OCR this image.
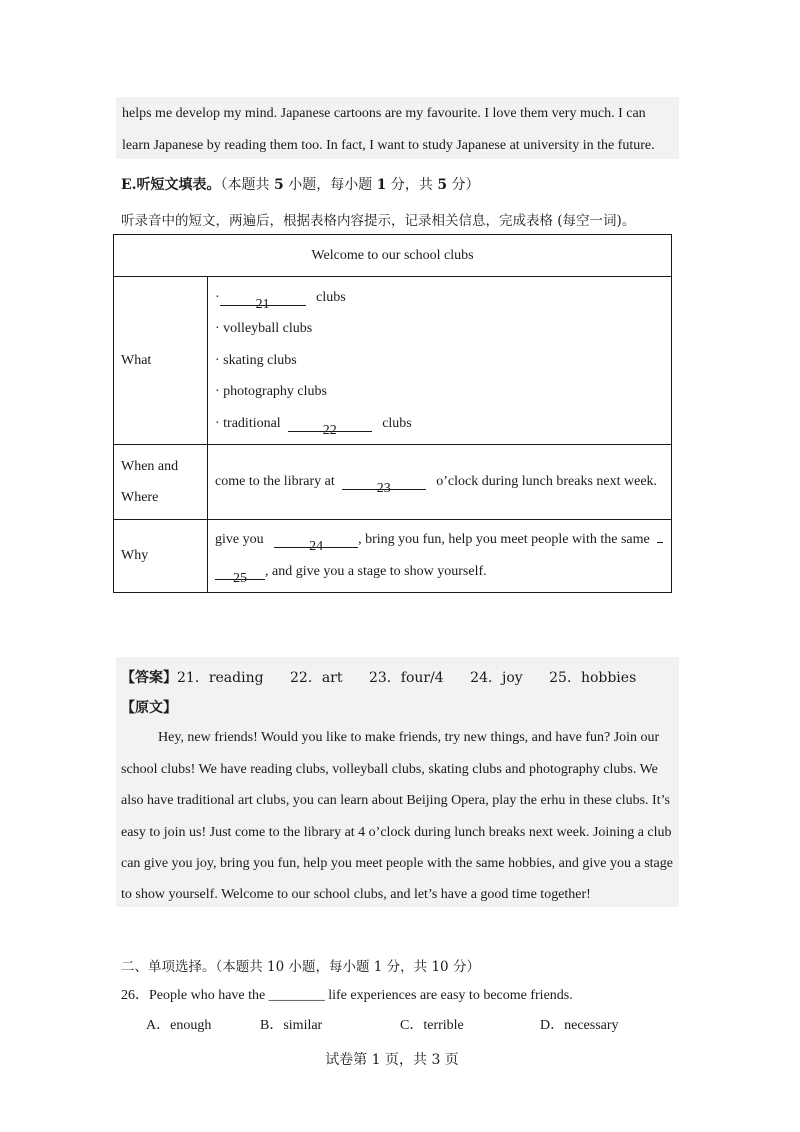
helps me develop my mind. Japanese cartoons are my favourite. I love them very much. I can
learn Japanese by reading them too. In fact, I want to study Japanese at university in the future.
E.听短文填表。（本题共 5 小题，每小题 1 分，共 5 分）
听录音中的短文，两遍后，根据表格内容提示，记录相关信息，完成表格 (每空一词)。
Welcome to our school clubs	
What	· 21 clubs
· volleyball clubs
· skating clubs
· photography clubs
· traditional 22 clubs

When and
Where	come to the library at 23 o’clock during lunch breaks next week.
Why	give you 24 , bring you fun, help you meet people with the same
25 , and give you a stage to show yourself.
【答案】21．reading 22．art 23．four/4 24．joy 25．hobbies
【原文】
Hey, new friends! Would you like to make friends, try new things, and have fun? Join our
school clubs! We have reading clubs, volleyball clubs, skating clubs and photography clubs. We
also have traditional art clubs, you can learn about Beijing Opera, play the erhu in these clubs. It’s
easy to join us! Just come to the library at 4 o’clock during lunch breaks next week. Joining a club
can give you joy, bring you fun, help you meet people with the same hobbies, and give you a stage
to show yourself. Welcome to our school clubs, and let’s have a good time together!
二、单项选择。（本题共 10 小题，每小题 1 分，共 10 分）
26．People who have the ________ life experiences are easy to become friends.
A．enough	B．similar	C．terrible	D．necessary
试卷第 1 页，共 3 页
